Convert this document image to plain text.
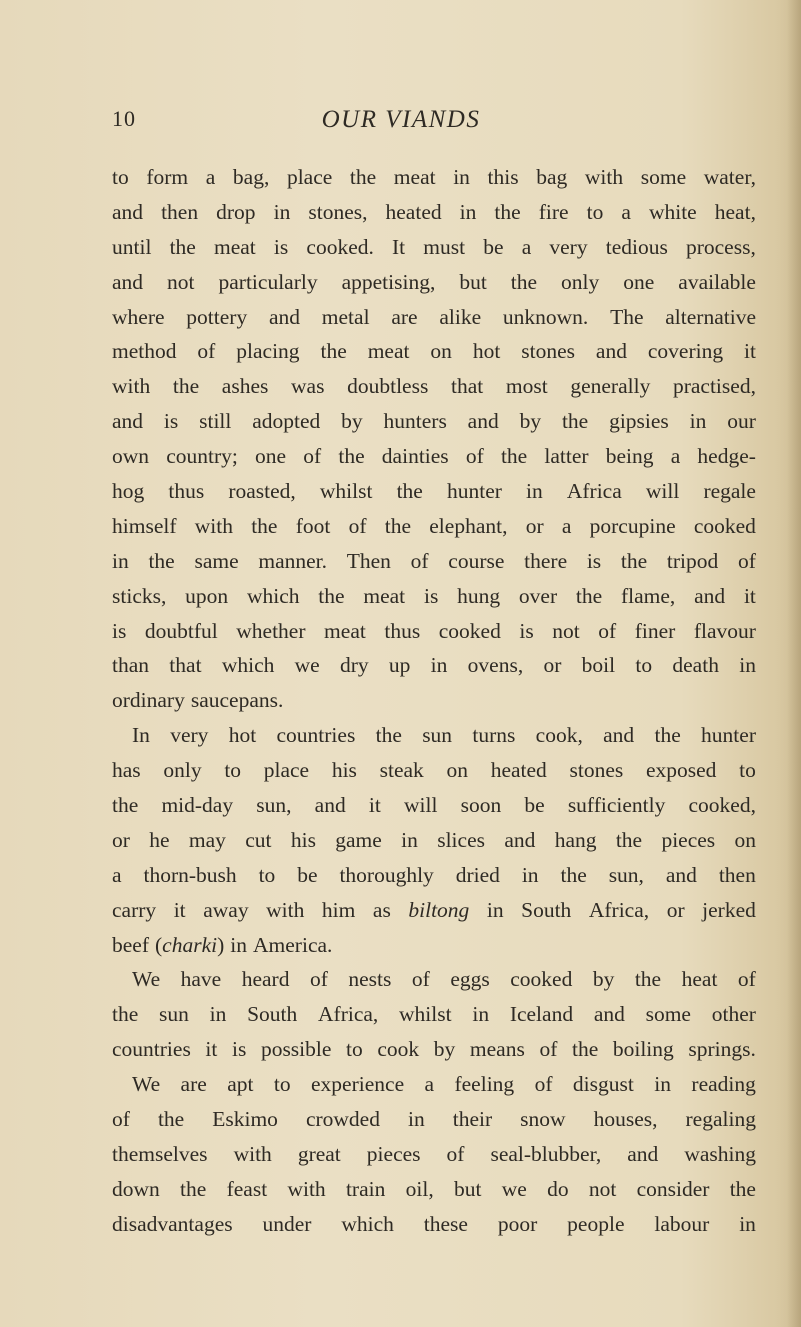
10	OUR VIANDS
to form a bag, place the meat in this bag with some water,
and then drop in stones, heated in the fire to a white heat,
until the meat is cooked. It must be a very tedious process,
and not particularly appetising, but the only one available
where pottery and metal are alike unknown. The alternative
method of placing the meat on hot stones and covering it
with the ashes was doubtless that most generally practised,
and is still adopted by hunters and by the gipsies in our
own country; one of the dainties of the latter being a hedge-
hog thus roasted, whilst the hunter in Africa will regale
himself with the foot of the elephant, or a porcupine cooked
in the same manner. Then of course there is the tripod of
sticks, upon which the meat is hung over the flame, and it
is doubtful whether meat thus cooked is not of finer flavour
than that which we dry up in ovens, or boil to death in
ordinary saucepans.
In very hot countries the sun turns cook, and the hunter
has only to place his steak on heated stones exposed to
the mid-day sun, and it will soon be sufficiently cooked,
or he may cut his game in slices and hang the pieces on
a thorn-bush to be thoroughly dried in the sun, and then
carry it away with him as biltong in South Africa, or jerked
beef (charki) in America.
We have heard of nests of eggs cooked by the heat of
the sun in South Africa, whilst in Iceland and some other
countries it is possible to cook by means of the boiling springs.
We are apt to experience a feeling of disgust in reading
of the Eskimo crowded in their snow houses, regaling
themselves with great pieces of seal-blubber, and washing
down the feast with train oil, but we do not consider the
disadvantages under which these poor people labour in
